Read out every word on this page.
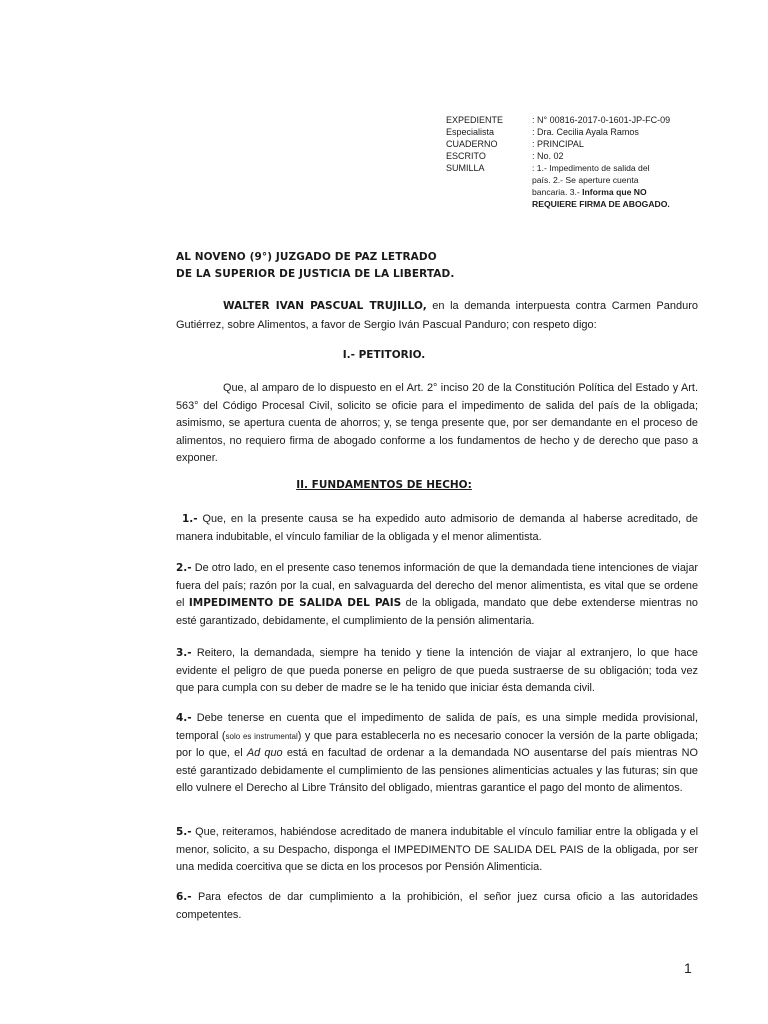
EXPEDIENTE	: N° 00816-2017-0-1601-JP-FC-09
Especialista	: Dra. Cecilia Ayala Ramos
CUADERNO	: PRINCIPAL
ESCRITO	: No. 02
SUMILLA	: 1.- Impedimento de salida del
país. 2.- Se aperture cuenta
bancaria. 3.- Informa que NO
REQUIERE FIRMA DE ABOGADO.
AL NOVENO (9°) JUZGADO DE PAZ LETRADO
DE LA SUPERIOR DE JUSTICIA DE LA LIBERTAD.
WALTER IVAN PASCUAL TRUJILLO, en la demanda interpuesta contra Carmen Panduro Gutiérrez, sobre Alimentos, a favor de Sergio Iván Pascual Panduro; con respeto digo:
I.- PETITORIO.
Que, al amparo de lo dispuesto en el Art. 2° inciso 20 de la Constitución Política del Estado y Art. 563° del Código Procesal Civil, solicito se oficie para el impedimento de salida del país de la obligada; asimismo, se apertura cuenta de ahorros; y, se tenga presente que, por ser demandante en el proceso de alimentos, no requiero firma de abogado conforme a los fundamentos de hecho y de derecho que paso a exponer.
II. FUNDAMENTOS DE HECHO:
1.- Que, en la presente causa se ha expedido auto admisorio de demanda al haberse acreditado, de manera indubitable, el vínculo familiar de la obligada y el menor alimentista.
2.- De otro lado, en el presente caso tenemos información de que la demandada tiene intenciones de viajar fuera del país; razón por la cual, en salvaguarda del derecho del menor alimentista, es vital que se ordene el IMPEDIMENTO DE SALIDA DEL PAIS de la obligada, mandato que debe extenderse mientras no esté garantizado, debidamente, el cumplimiento de la pensión alimentaria.
3.- Reitero, la demandada, siempre ha tenido y tiene la intención de viajar al extranjero, lo que hace evidente el peligro de que pueda ponerse en peligro de que pueda sustraerse de su obligación; toda vez que para cumpla con su deber de madre se le ha tenido que iniciar ésta demanda civil.
4.- Debe tenerse en cuenta que el impedimento de salida de país, es una simple medida provisional, temporal (solo es instrumental) y que para establecerla no es necesario conocer la versión de la parte obligada; por lo que, el Ad quo está en facultad de ordenar a la demandada NO ausentarse del país mientras NO esté garantizado debidamente el cumplimiento de las pensiones alimenticias actuales y las futuras; sin que ello vulnere el Derecho al Libre Tránsito del obligado, mientras garantice el pago del monto de alimentos.
5.- Que, reiteramos, habiéndose acreditado de manera indubitable el vínculo familiar entre la obligada y el menor, solicito, a su Despacho, disponga el IMPEDIMENTO DE SALIDA DEL PAIS de la obligada, por ser una medida coercitiva que se dicta en los procesos por Pensión Alimenticia.
6.- Para efectos de dar cumplimiento a la prohibición, el señor juez cursa oficio a las autoridades competentes.
1
